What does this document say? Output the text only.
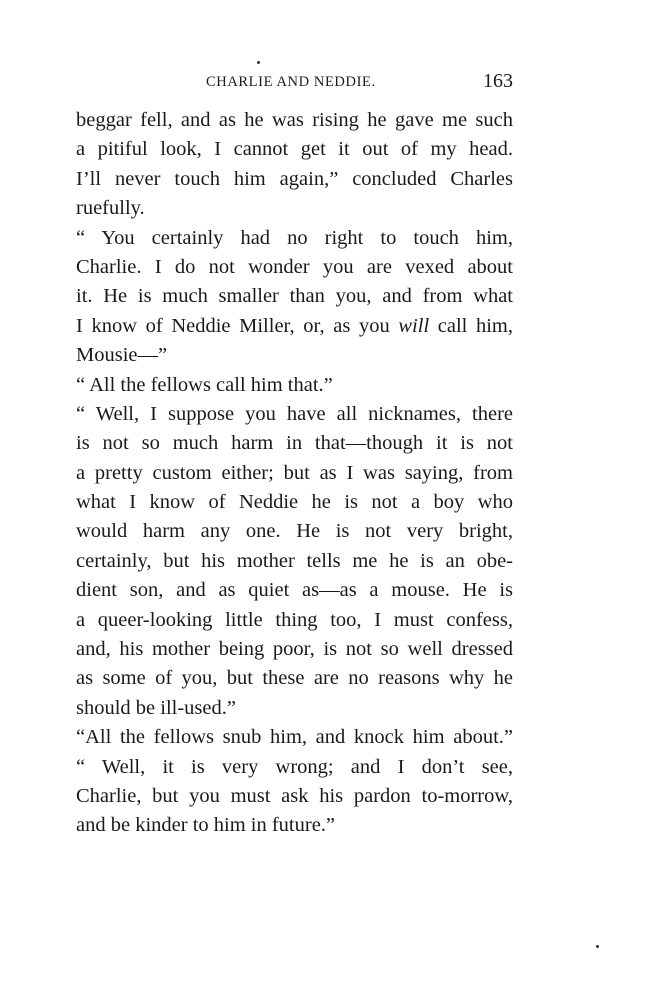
CHARLIE AND NEDDIE.	163
beggar fell, and as he was rising he gave me such
a pitiful look, I cannot get it out of my head.
I’ll never touch him again,” concluded Charles
ruefully.
“ You certainly had no right to touch him,
Charlie. I do not wonder you are vexed about
it. He is much smaller than you, and from what
I know of Neddie Miller, or, as you will call him,
Mousie—”
“ All the fellows call him that.”
“ Well, I suppose you have all nicknames, there
is not so much harm in that—though it is not
a pretty custom either; but as I was saying, from
what I know of Neddie he is not a boy who
would harm any one. He is not very bright,
certainly, but his mother tells me he is an obe-
dient son, and as quiet as—as a mouse. He is
a queer-looking little thing too, I must confess,
and, his mother being poor, is not so well dressed
as some of you, but these are no reasons why he
should be ill-used.”
“All the fellows snub him, and knock him about.”
“ Well, it is very wrong; and I don’t see,
Charlie, but you must ask his pardon to-morrow,
and be kinder to him in future.”
